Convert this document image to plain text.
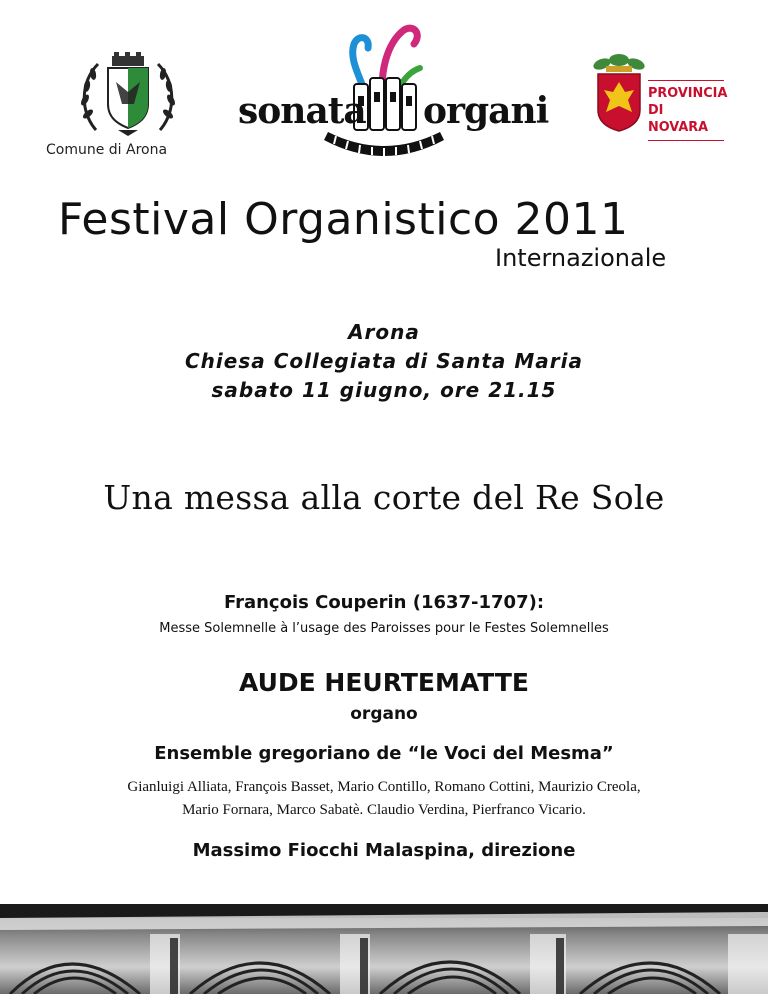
Comune di Arona
sonata organi	PROVINCIA
DI NOVARA
Festival Organistico 2011
Internazionale
Arona
Chiesa Collegiata di Santa Maria
sabato 11 giugno, ore 21.15
Una messa alla corte del Re Sole
François Couperin (1637-1707):
Messe Solemnelle à l’usage des Paroisses pour le Festes Solemnelles
AUDE HEURTEMATTE
organo
Ensemble gregoriano de “le Voci del Mesma”
Gianluigi Alliata, François Basset, Mario Contillo, Romano Cottini, Maurizio Creola,
Mario Fornara, Marco Sabatè. Claudio Verdina, Pierfranco Vicario.
Massimo Fiocchi Malaspina, direzione
